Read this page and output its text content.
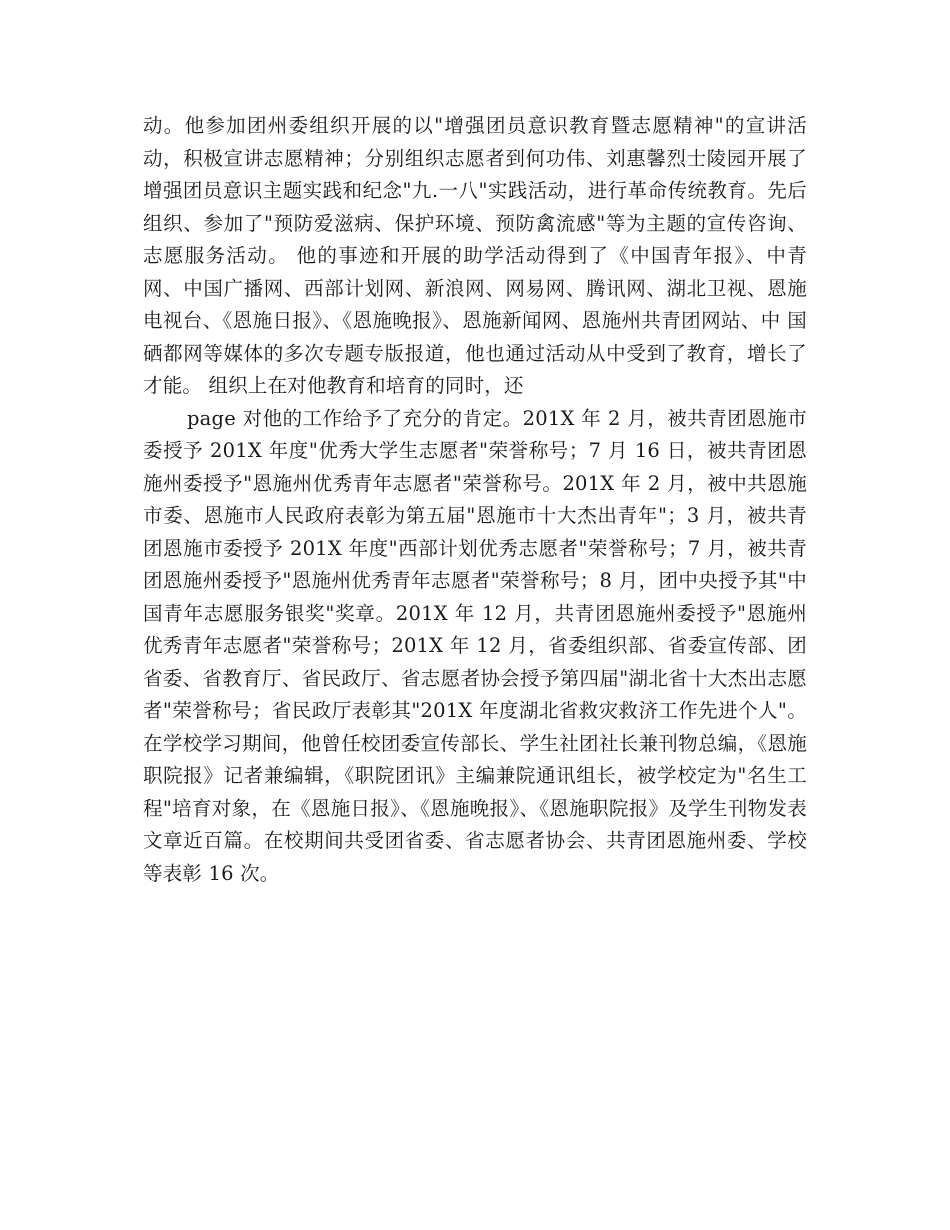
动。他参加团州委组织开展的以"增强团员意识教育暨志愿精神"的宣讲活动，积极宣讲志愿精神；分别组织志愿者到何功伟、刘惠馨烈士陵园开展了增强团员意识主题实践和纪念"九.一八"实践活动，进行革命传统教育。先后组织、参加了"预防爱滋病、保护环境、预防禽流感"等为主题的宣传咨询、志愿服务活动。 他的事迹和开展的助学活动得到了《中国青年报》、中青网、中国广播网、西部计划网、新浪网、网易网、腾讯网、湖北卫视、恩施电视台、《恩施日报》、《恩施晚报》、恩施新闻网、恩施州共青团网站、中 国硒都网等媒体的多次专题专版报道，他也通过活动从中受到了教育，增长了才能。 组织上在对他教育和培育的同时，还

page 对他的工作给予了充分的肯定。201X 年 2 月，被共青团恩施市委授予 201X 年度"优秀大学生志愿者"荣誉称号；7 月 16 日，被共青团恩施州委授予"恩施州优秀青年志愿者"荣誉称号。201X 年 2 月，被中共恩施市委、恩施市人民政府表彰为第五届"恩施市十大杰出青年"；3 月，被共青团恩施市委授予 201X 年度"西部计划优秀志愿者"荣誉称号；7 月，被共青团恩施州委授予"恩施州优秀青年志愿者"荣誉称号；8 月，团中央授予其"中国青年志愿服务银奖"奖章。201X 年 12 月，共青团恩施州委授予"恩施州优秀青年志愿者"荣誉称号；201X 年 12 月，省委组织部、省委宣传部、团省委、省教育厅、省民政厅、省志愿者协会授予第四届"湖北省十大杰出志愿者"荣誉称号；省民政厅表彰其"201X 年度湖北省救灾救济工作先进个人"。 在学校学习期间，他曾任校团委宣传部长、学生社团社长兼刊物总编，《恩施职院报》记者兼编辑，《职院团讯》主编兼院通讯组长，被学校定为"名生工程"培育对象，在《恩施日报》、《恩施晚报》、《恩施职院报》及学生刊物发表文章近百篇。在校期间共受团省委、省志愿者协会、共青团恩施州委、学校等表彰 16 次。
